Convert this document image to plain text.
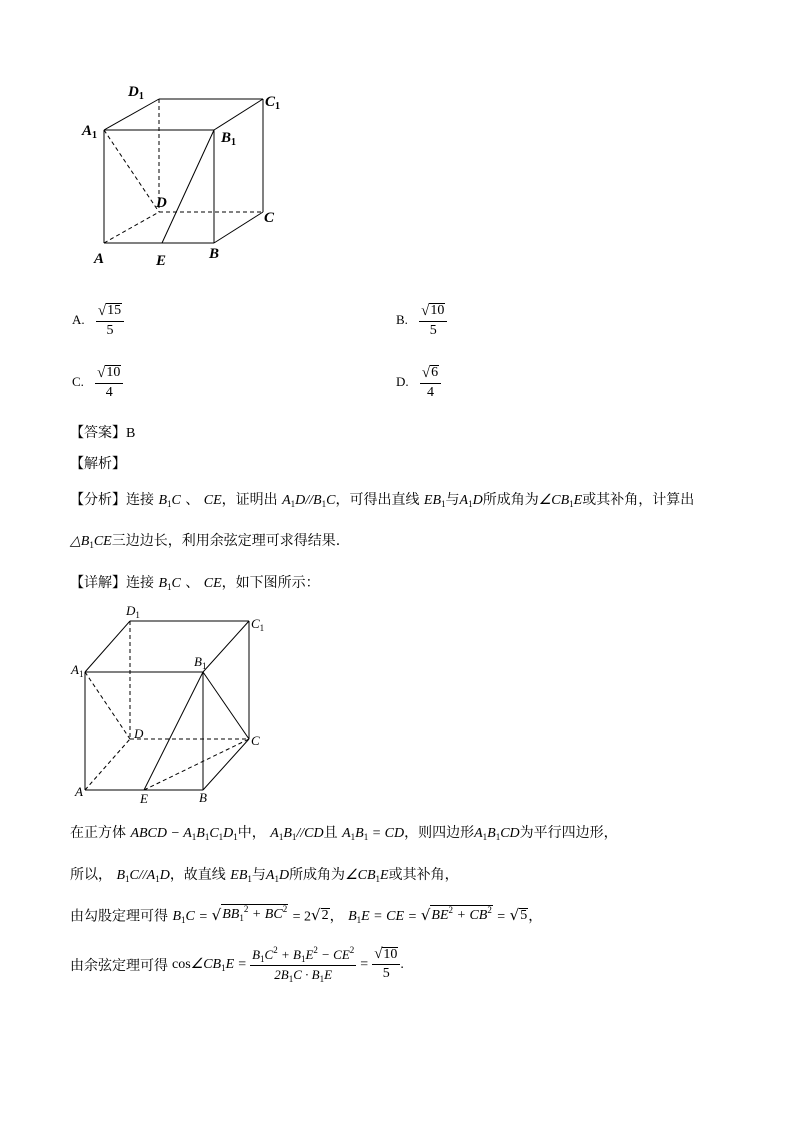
$D_1$	$C_1$
$A_1$	$B_1$
D
C
A	E	B
A. $\frac{√ 15}{5}$	B. $\frac{√ 10}{5}$
C. $\frac{√ 10}{4}$	D. $\frac{√ 6}{4}$
【答案】B
【解析】
【分析】连接 $B_1C$ 、 CE，证明出 $A_1D//B_1C$，可得出直线 $EB_1$与$A_1D$所成角为$\angle CB_1E$或其补角，计算出
$\triangle B_1CE$三边边长，利用余弦定理可求得结果.
【详解】连接 $B_1C$ 、 CE，如下图所示：
$D_1$
$C_1$
$A_1$
$B_1$
D	C
A	E	B
在正方体 ABCD − $A_1B_1C_1D_1$中， $A_1B_1//CD$且 $A_1B_1$ = CD，则四边形$A_1B_1CD$为平行四边形，
所以， $B_1C//A_1D$，故直线 $EB_1$与$A_1D$所成角为$\angle CB_1E$或其补角，
由勾股定理可得 $B_1C$ = √ $BB_1^2 + BC^2$
= 2 √ 2 ， $B_1E$ = CE = √ $BE^2 + CB^2$ = √ 5 ，
由余弦定理可得 $\cos \angle CB_1E = \frac{B_1C^2 + B_1E^2 - CE^2}{2B_1C \cdot B_1E} = \frac{√ 10}{5}$ .
